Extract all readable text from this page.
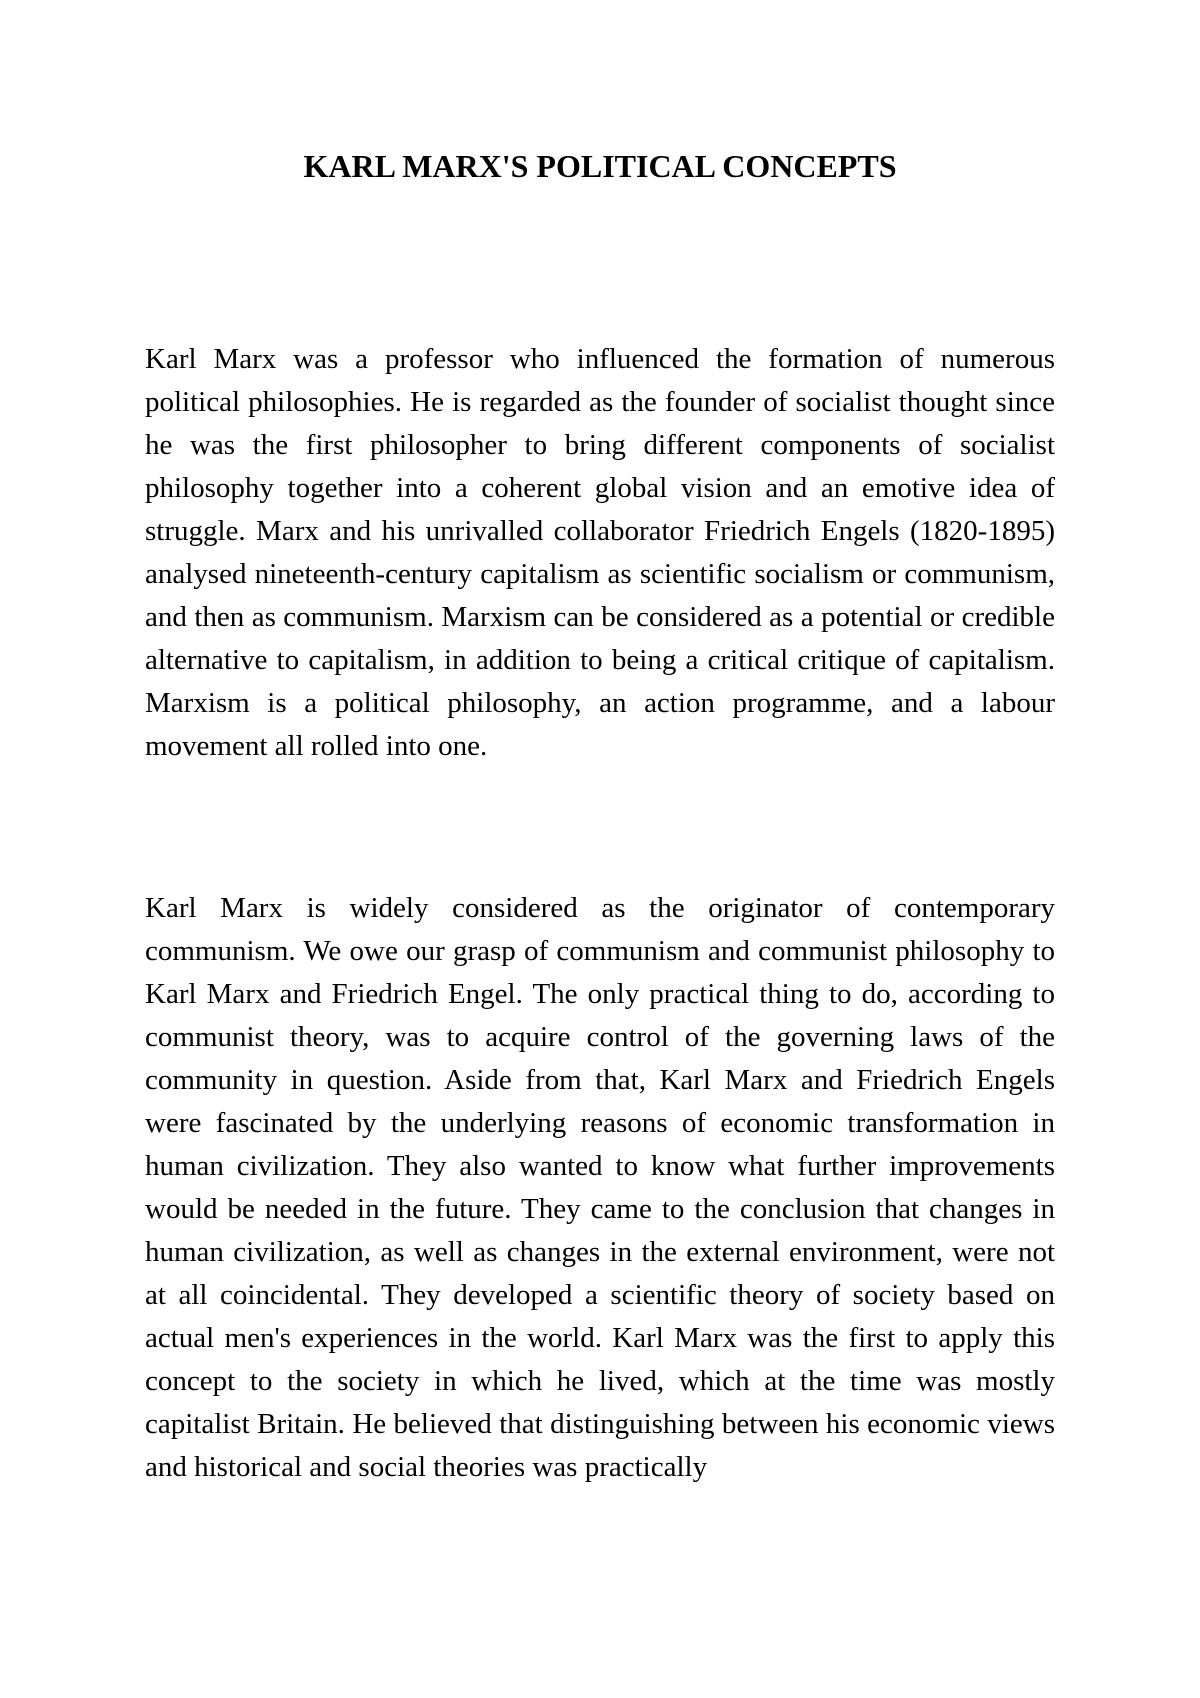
KARL MARX'S POLITICAL CONCEPTS

Karl Marx was a professor who influenced the formation of numerous political philosophies. He is regarded as the founder of socialist thought since he was the first philosopher to bring different components of socialist philosophy together into a coherent global vision and an emotive idea of struggle. Marx and his unrivalled collaborator Friedrich Engels (1820-1895) analysed nineteenth-century capitalism as scientific socialism or communism, and then as communism. Marxism can be considered as a potential or credible alternative to capitalism, in addition to being a critical critique of capitalism. Marxism is a political philosophy, an action programme, and a labour movement all rolled into one.

Karl Marx is widely considered as the originator of contemporary communism. We owe our grasp of communism and communist philosophy to Karl Marx and Friedrich Engel. The only practical thing to do, according to communist theory, was to acquire control of the governing laws of the community in question. Aside from that, Karl Marx and Friedrich Engels were fascinated by the underlying reasons of economic transformation in human civilization. They also wanted to know what further improvements would be needed in the future. They came to the conclusion that changes in human civilization, as well as changes in the external environment, were not at all coincidental. They developed a scientific theory of society based on actual men's experiences in the world. Karl Marx was the first to apply this concept to the society in which he lived, which at the time was mostly capitalist Britain. He believed that distinguishing between his economic views and historical and social theories was practically
